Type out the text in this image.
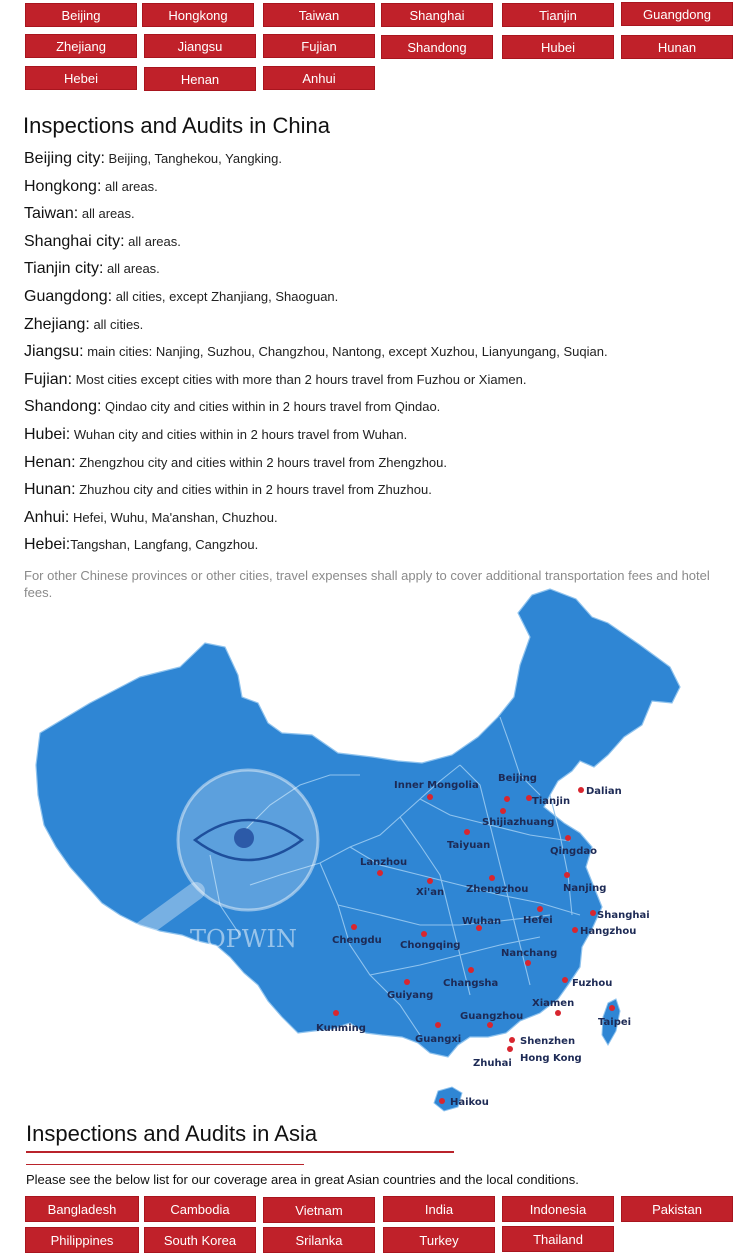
Beijing	Hongkong	Taiwan	Shanghai	Tianjin	Guangdong
Zhejiang	Jiangsu	Fujian	Shandong	Hubei	Hunan
Hebei	Henan	Anhui
Inspections and Audits in China
Beijing city: Beijing, Tanghekou, Yangking.
Hongkong: all areas.
Taiwan: all areas.
Shanghai city: all areas.
Tianjin city: all areas.
Guangdong: all cities, except Zhanjiang, Shaoguan.
Zhejiang: all cities.
Jiangsu: main cities: Nanjing, Suzhou, Changzhou, Nantong, except Xuzhou, Lianyungang, Suqian.
Fujian: Most cities except cities with more than 2 hours travel from Fuzhou or Xiamen.
Shandong: Qindao city and cities within in 2 hours travel from Qindao.
Hubei: Wuhan city and cities within in 2 hours travel from Wuhan.
Henan: Zhengzhou city and cities within 2 hours travel from Zhengzhou.
Hunan: Zhuzhou city and cities within in 2 hours travel from Zhuzhou.
Anhui: Hefei, Wuhu, Ma'anshan, Chuzhou.
Hebei:Tangshan, Langfang, Cangzhou.
For other Chinese provinces or other cities, travel expenses shall apply to cover additional transportation fees and hotel fees.
TOPWIN
Inner Mongolia
Beijing
Tianjin
Dalian
Shijiazhuang
Taiyuan
Qingdao
Lanzhou
Xi'an Zhengzhou	Nanjing
Shanghai
Hangzhou
Wuhan Hefei
Chengdu Chongqing
Nanchang
Changsha	Fuzhou
Guiyang
Xiamen
Taipei
Kunming
Guangxi
Guangzhou
Shenzhen
Hong Kong
Zhuhai
Haikou
Inspections and Audits in Asia
Please see the below list for our coverage area in great Asian countries and the local conditions.
Bangladesh	Cambodia	Vietnam	India	Indonesia	Pakistan
Philippines	South Korea	Srilanka	Turkey	Thailand
